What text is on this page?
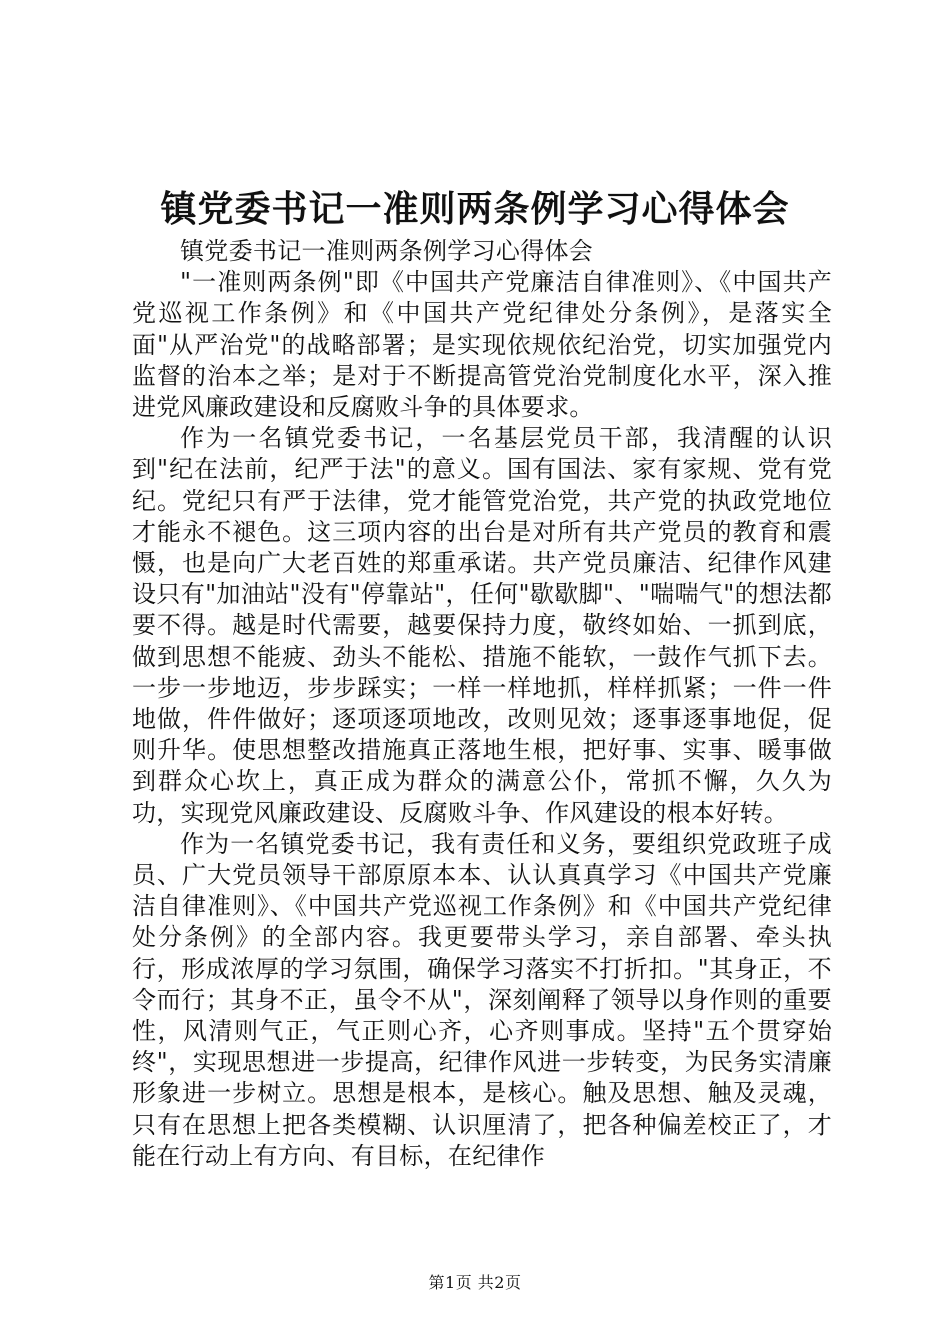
镇党委书记一准则两条例学习心得体会

镇党委书记一准则两条例学习心得体会

"一准则两条例"即《中国共产党廉洁自律准则》、《中国共产党巡视工作条例》和《中国共产党纪律处分条例》，是落实全面"从严治党"的战略部署；是实现依规依纪治党，切实加强党内监督的治本之举；是对于不断提高管党治党制度化水平，深入推进党风廉政建设和反腐败斗争的具体要求。

作为一名镇党委书记，一名基层党员干部，我清醒的认识到"纪在法前，纪严于法"的意义。国有国法、家有家规、党有党纪。党纪只有严于法律，党才能管党治党，共产党的执政党地位才能永不褪色。这三项内容的出台是对所有共产党员的教育和震慑，也是向广大老百姓的郑重承诺。共产党员廉洁、纪律作风建设只有"加油站"没有"停靠站"，任何"歇歇脚"、"喘喘气"的想法都要不得。越是时代需要，越要保持力度，敬终如始、一抓到底，做到思想不能疲、劲头不能松、措施不能软，一鼓作气抓下去。一步一步地迈，步步踩实；一样一样地抓，样样抓紧；一件一件地做，件件做好；逐项逐项地改，改则见效；逐事逐事地促，促则升华。使思想整改措施真正落地生根，把好事、实事、暖事做到群众心坎上，真正成为群众的满意公仆，常抓不懈，久久为功，实现党风廉政建设、反腐败斗争、作风建设的根本好转。

作为一名镇党委书记，我有责任和义务，要组织党政班子成员、广大党员领导干部原原本本、认认真真学习《中国共产党廉洁自律准则》、《中国共产党巡视工作条例》和《中国共产党纪律处分条例》的全部内容。我更要带头学习，亲自部署、牵头执行，形成浓厚的学习氛围，确保学习落实不打折扣。"其身正，不令而行；其身不正，虽令不从"，深刻阐释了领导以身作则的重要性，风清则气正，气正则心齐，心齐则事成。坚持"五个贯穿始终"，实现思想进一步提高，纪律作风进一步转变，为民务实清廉形象进一步树立。思想是根本，是核心。触及思想、触及灵魂，只有在思想上把各类模糊、认识厘清了，把各种偏差校正了，才能在行动上有方向、有目标，在纪律作

第1页 共2页
